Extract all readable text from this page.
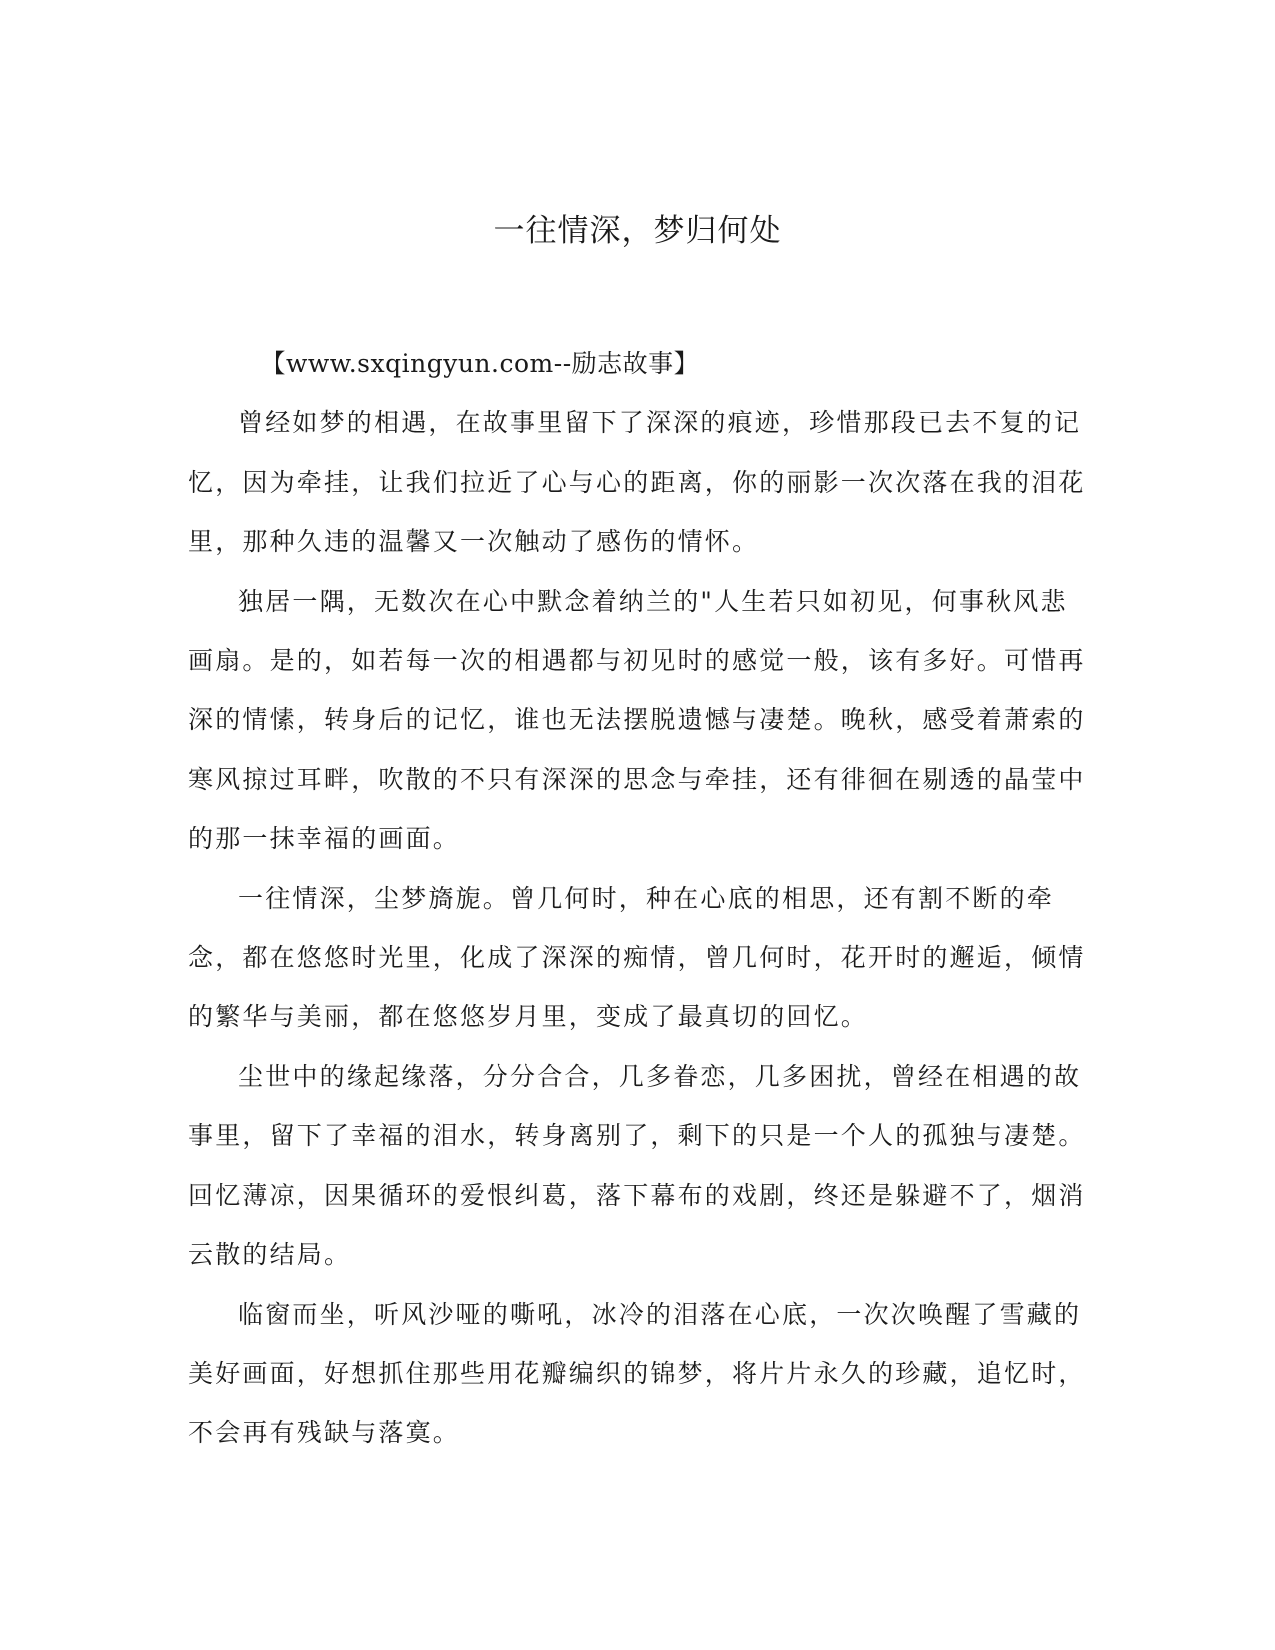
一往情深，梦归何处

【www.sxqingyun.com--励志故事】

曾经如梦的相遇，在故事里留下了深深的痕迹，珍惜那段已去不复的记忆，因为牵挂，让我们拉近了心与心的距离，你的丽影一次次落在我的泪花里，那种久违的温馨又一次触动了感伤的情怀。

独居一隅，无数次在心中默念着纳兰的"人生若只如初见，何事秋风悲画扇。是的，如若每一次的相遇都与初见时的感觉一般，该有多好。可惜再深的情愫，转身后的记忆，谁也无法摆脱遗憾与凄楚。晚秋，感受着萧索的寒风掠过耳畔，吹散的不只有深深的思念与牵挂，还有徘徊在剔透的晶莹中的那一抹幸福的画面。

一往情深，尘梦旖旎。曾几何时，种在心底的相思，还有割不断的牵念，都在悠悠时光里，化成了深深的痴情，曾几何时，花开时的邂逅，倾情的繁华与美丽，都在悠悠岁月里，变成了最真切的回忆。

尘世中的缘起缘落，分分合合，几多眷恋，几多困扰，曾经在相遇的故事里，留下了幸福的泪水，转身离别了，剩下的只是一个人的孤独与凄楚。回忆薄凉，因果循环的爱恨纠葛，落下幕布的戏剧，终还是躲避不了，烟消云散的结局。

临窗而坐，听风沙哑的嘶吼，冰冷的泪落在心底，一次次唤醒了雪藏的美好画面，好想抓住那些用花瓣编织的锦梦，将片片永久的珍藏，追忆时，不会再有残缺与落寞。
